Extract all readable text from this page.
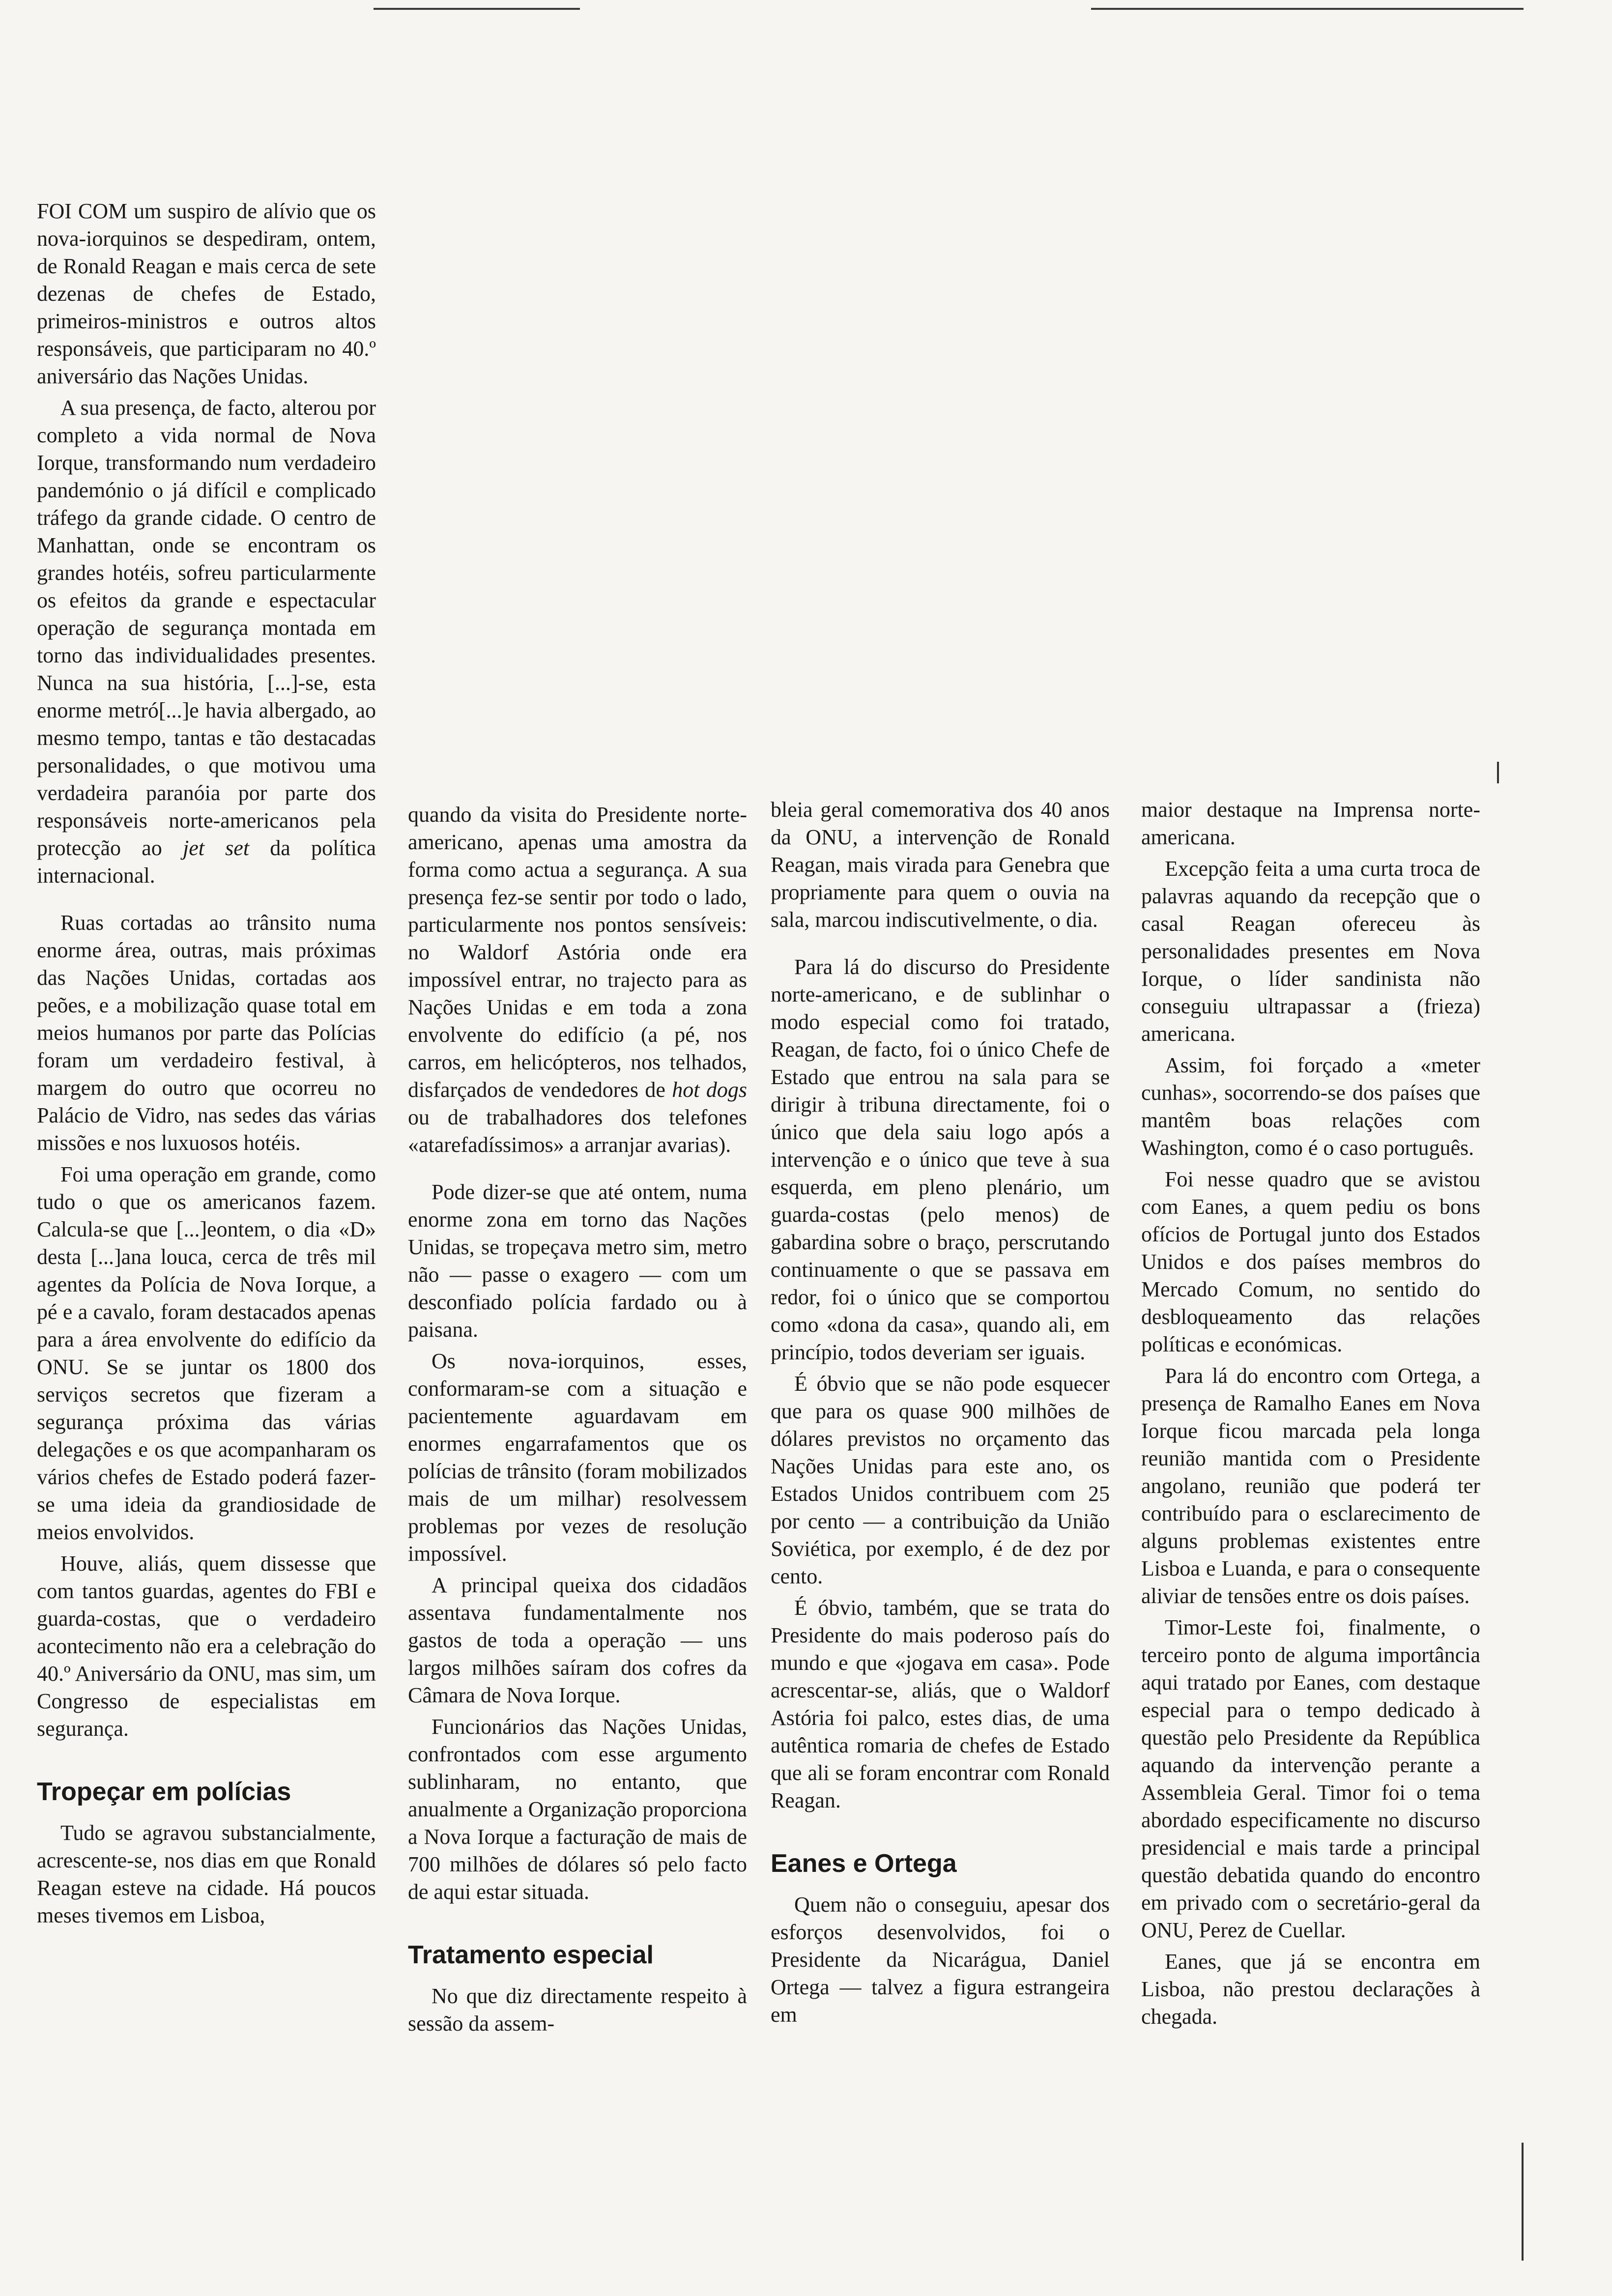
FOI COM um suspiro de alívio que os nova-iorquinos se despediram, ontem, de Ronald Reagan e mais cerca de sete dezenas de chefes de Estado, primeiros-ministros e outros altos responsáveis, que participaram no 40.º aniversário das Nações Unidas.

A sua presença, de facto, alterou por completo a vida normal de Nova Iorque, transformando num verdadeiro pandemónio o já difícil e complicado tráfego da grande cidade. O centro de Manhattan, onde se encontram os grandes hotéis, sofreu particularmente os efeitos da grande e espectacular operação de segurança montada em torno das individualidades presentes. Nunca na sua história, [...]-se, esta enorme metró[...]e havia albergado, ao mesmo tempo, tantas e tão destacadas personalidades, o que motivou uma verdadeira paranóia por parte dos responsáveis norte-americanos pela protecção ao jet set da política internacional.

Ruas cortadas ao trânsito numa enorme área, outras, mais próximas das Nações Unidas, cortadas aos peões, e a mobilização quase total em meios humanos por parte das Polícias foram um verdadeiro festival, à margem do outro que ocorreu no Palácio de Vidro, nas sedes das várias missões e nos luxuosos hotéis.

Foi uma operação em grande, como tudo o que os americanos fazem. Calcula-se que [...]eontem, o dia «D» desta [...]ana louca, cerca de três mil agentes da Polícia de Nova Iorque, a pé e a cavalo, foram destacados apenas para a área envolvente do edifício da ONU. Se se juntar os 1800 dos serviços secretos que fizeram a segurança próxima das várias delegações e os que acompanharam os vários chefes de Estado poderá fazer-se uma ideia da grandiosidade de meios envolvidos.

Houve, aliás, quem dissesse que com tantos guardas, agentes do FBI e guarda-costas, que o verdadeiro acontecimento não era a celebração do 40.º Aniversário da ONU, mas sim, um Congresso de especialistas em segurança.

Tropeçar em polícias

Tudo se agravou substancialmente, acrescente-se, nos dias em que Ronald Reagan esteve na cidade. Há poucos meses tivemos em Lisboa,

quando da visita do Presidente norte-americano, apenas uma amostra da forma como actua a segurança. A sua presença fez-se sentir por todo o lado, particularmente nos pontos sensíveis: no Waldorf Astória onde era impossível entrar, no trajecto para as Nações Unidas e em toda a zona envolvente do edifício (a pé, nos carros, em helicópteros, nos telhados, disfarçados de vendedores de hot dogs ou de trabalhadores dos telefones «atarefadíssimos» a arranjar avarias).

Pode dizer-se que até ontem, numa enorme zona em torno das Nações Unidas, se tropeçava metro sim, metro não — passe o exagero — com um desconfiado polícia fardado ou à paisana.

Os nova-iorquinos, esses, conformaram-se com a situação e pacientemente aguardavam em enormes engarrafamentos que os polícias de trânsito (foram mobilizados mais de um milhar) resolvessem problemas por vezes de resolução impossível.

A principal queixa dos cidadãos assentava fundamentalmente nos gastos de toda a operação — uns largos milhões saíram dos cofres da Câmara de Nova Iorque.

Funcionários das Nações Unidas, confrontados com esse argumento sublinharam, no entanto, que anualmente a Organização proporciona a Nova Iorque a facturação de mais de 700 milhões de dólares só pelo facto de aqui estar situada.

Tratamento especial

No que diz directamente respeito à sessão da assem-

bleia geral comemorativa dos 40 anos da ONU, a intervenção de Ronald Reagan, mais virada para Genebra que propriamente para quem o ouvia na sala, marcou indiscutivelmente, o dia.

Para lá do discurso do Presidente norte-americano, e de sublinhar o modo especial como foi tratado, Reagan, de facto, foi o único Chefe de Estado que entrou na sala para se dirigir à tribuna directamente, foi o único que dela saiu logo após a intervenção e o único que teve à sua esquerda, em pleno plenário, um guarda-costas (pelo menos) de gabardina sobre o braço, perscrutando continuamente o que se passava em redor, foi o único que se comportou como «dona da casa», quando ali, em princípio, todos deveriam ser iguais.

É óbvio que se não pode esquecer que para os quase 900 milhões de dólares previstos no orçamento das Nações Unidas para este ano, os Estados Unidos contribuem com 25 por cento — a contribuição da União Soviética, por exemplo, é de dez por cento.

É óbvio, também, que se trata do Presidente do mais poderoso país do mundo e que «jogava em casa». Pode acrescentar-se, aliás, que o Waldorf Astória foi palco, estes dias, de uma autêntica romaria de chefes de Estado que ali se foram encontrar com Ronald Reagan.

Eanes e Ortega

Quem não o conseguiu, apesar dos esforços desenvolvidos, foi o Presidente da Nicarágua, Daniel Ortega — talvez a figura estrangeira em

maior destaque na Imprensa norte-americana.

Excepção feita a uma curta troca de palavras aquando da recepção que o casal Reagan ofereceu às personalidades presentes em Nova Iorque, o líder sandinista não conseguiu ultrapassar a (frieza) americana.

Assim, foi forçado a «meter cunhas», socorrendo-se dos países que mantêm boas relações com Washington, como é o caso português.

Foi nesse quadro que se avistou com Eanes, a quem pediu os bons ofícios de Portugal junto dos Estados Unidos e dos países membros do Mercado Comum, no sentido do desbloqueamento das relações políticas e económicas.

Para lá do encontro com Ortega, a presença de Ramalho Eanes em Nova Iorque ficou marcada pela longa reunião mantida com o Presidente angolano, reunião que poderá ter contribuído para o esclarecimento de alguns problemas existentes entre Lisboa e Luanda, e para o consequente aliviar de tensões entre os dois países.

Timor-Leste foi, finalmente, o terceiro ponto de alguma importância aqui tratado por Eanes, com destaque especial para o tempo dedicado à questão pelo Presidente da República aquando da intervenção perante a Assembleia Geral. Timor foi o tema abordado especificamente no discurso presidencial e mais tarde a principal questão debatida quando do encontro em privado com o secretário-geral da ONU, Perez de Cuellar.

Eanes, que já se encontra em Lisboa, não prestou declarações à chegada.
